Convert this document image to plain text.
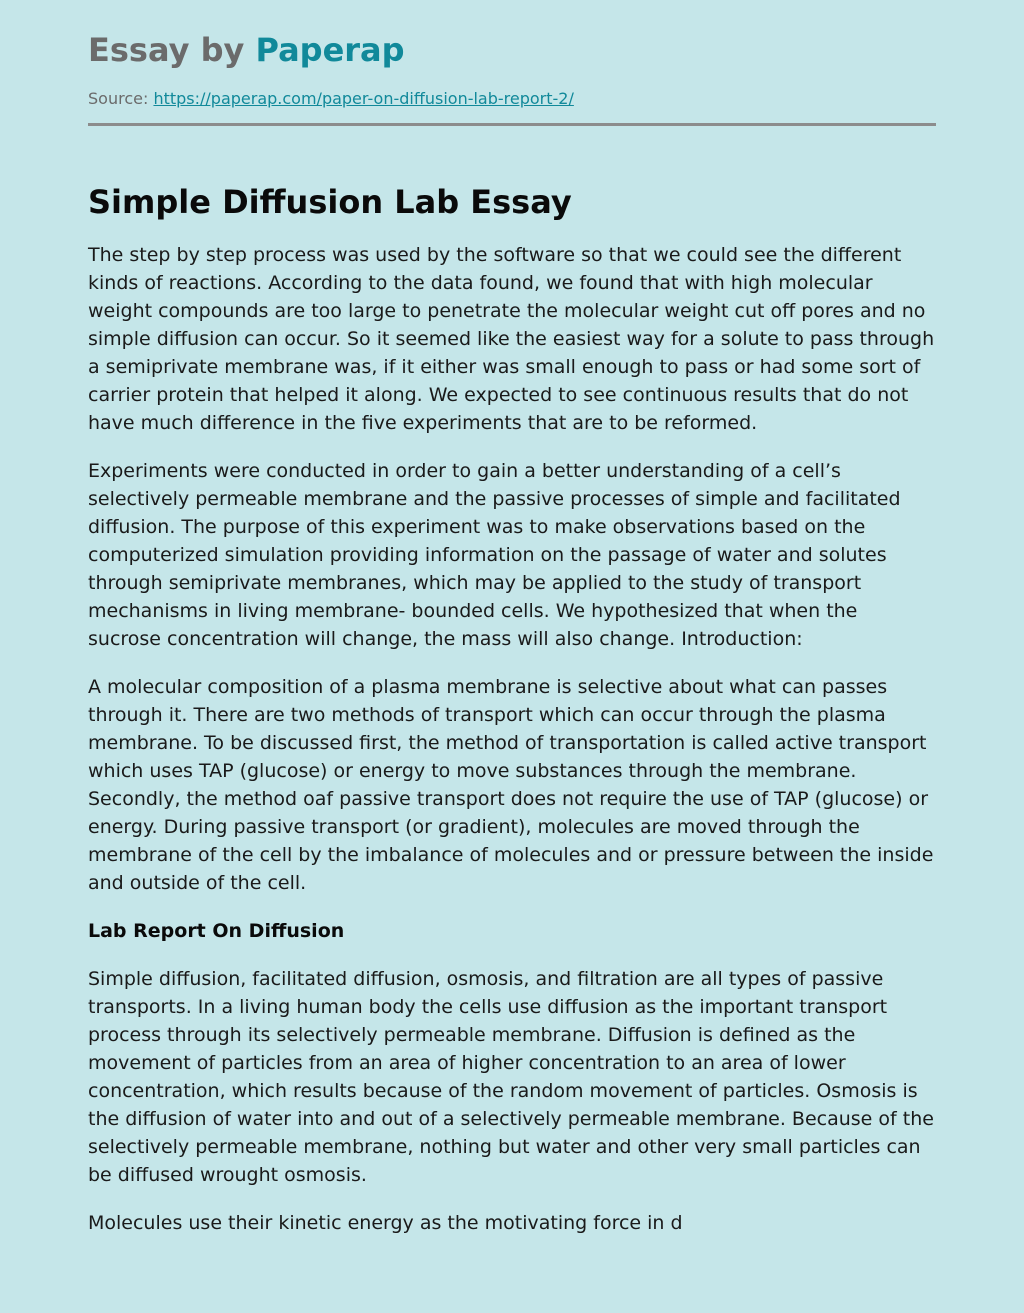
Essay by Paperap
Source: https://paperap.com/paper-on-diffusion-lab-report-2/
Simple Diffusion Lab Essay

The step by step process was used by the software so that we could see the different kinds of reactions. According to the data found, we found that with high molecular weight compounds are too large to penetrate the molecular weight cut off pores and no simple diffusion can occur. So it seemed like the easiest way for a solute to pass through a semiprivate membrane was, if it either was small enough to pass or had some sort of carrier protein that helped it along. We expected to see continuous results that do not have much difference in the five experiments that are to be reformed.

Experiments were conducted in order to gain a better understanding of a cell’s selectively permeable membrane and the passive processes of simple and facilitated diffusion. The purpose of this experiment was to make observations based on the computerized simulation providing information on the passage of water and solutes through semiprivate membranes, which may be applied to the study of transport mechanisms in living membrane- bounded cells. We hypothesized that when the sucrose concentration will change, the mass will also change. Introduction:

A molecular composition of a plasma membrane is selective about what can passes through it. There are two methods of transport which can occur through the plasma membrane. To be discussed first, the method of transportation is called active transport which uses TAP (glucose) or energy to move substances through the membrane. Secondly, the method oaf passive transport does not require the use of TAP (glucose) or energy. During passive transport (or gradient), molecules are moved through the membrane of the cell by the imbalance of molecules and or pressure between the inside and outside of the cell.

Lab Report On Diffusion

Simple diffusion, facilitated diffusion, osmosis, and filtration are all types of passive transports. In a living human body the cells use diffusion as the important transport process through its selectively permeable membrane. Diffusion is defined as the movement of particles from an area of higher concentration to an area of lower concentration, which results because of the random movement of particles. Osmosis is the diffusion of water into and out of a selectively permeable membrane. Because of the selectively permeable membrane, nothing but water and other very small particles can be diffused wrought osmosis.

Molecules use their kinetic energy as the motivating force in d
